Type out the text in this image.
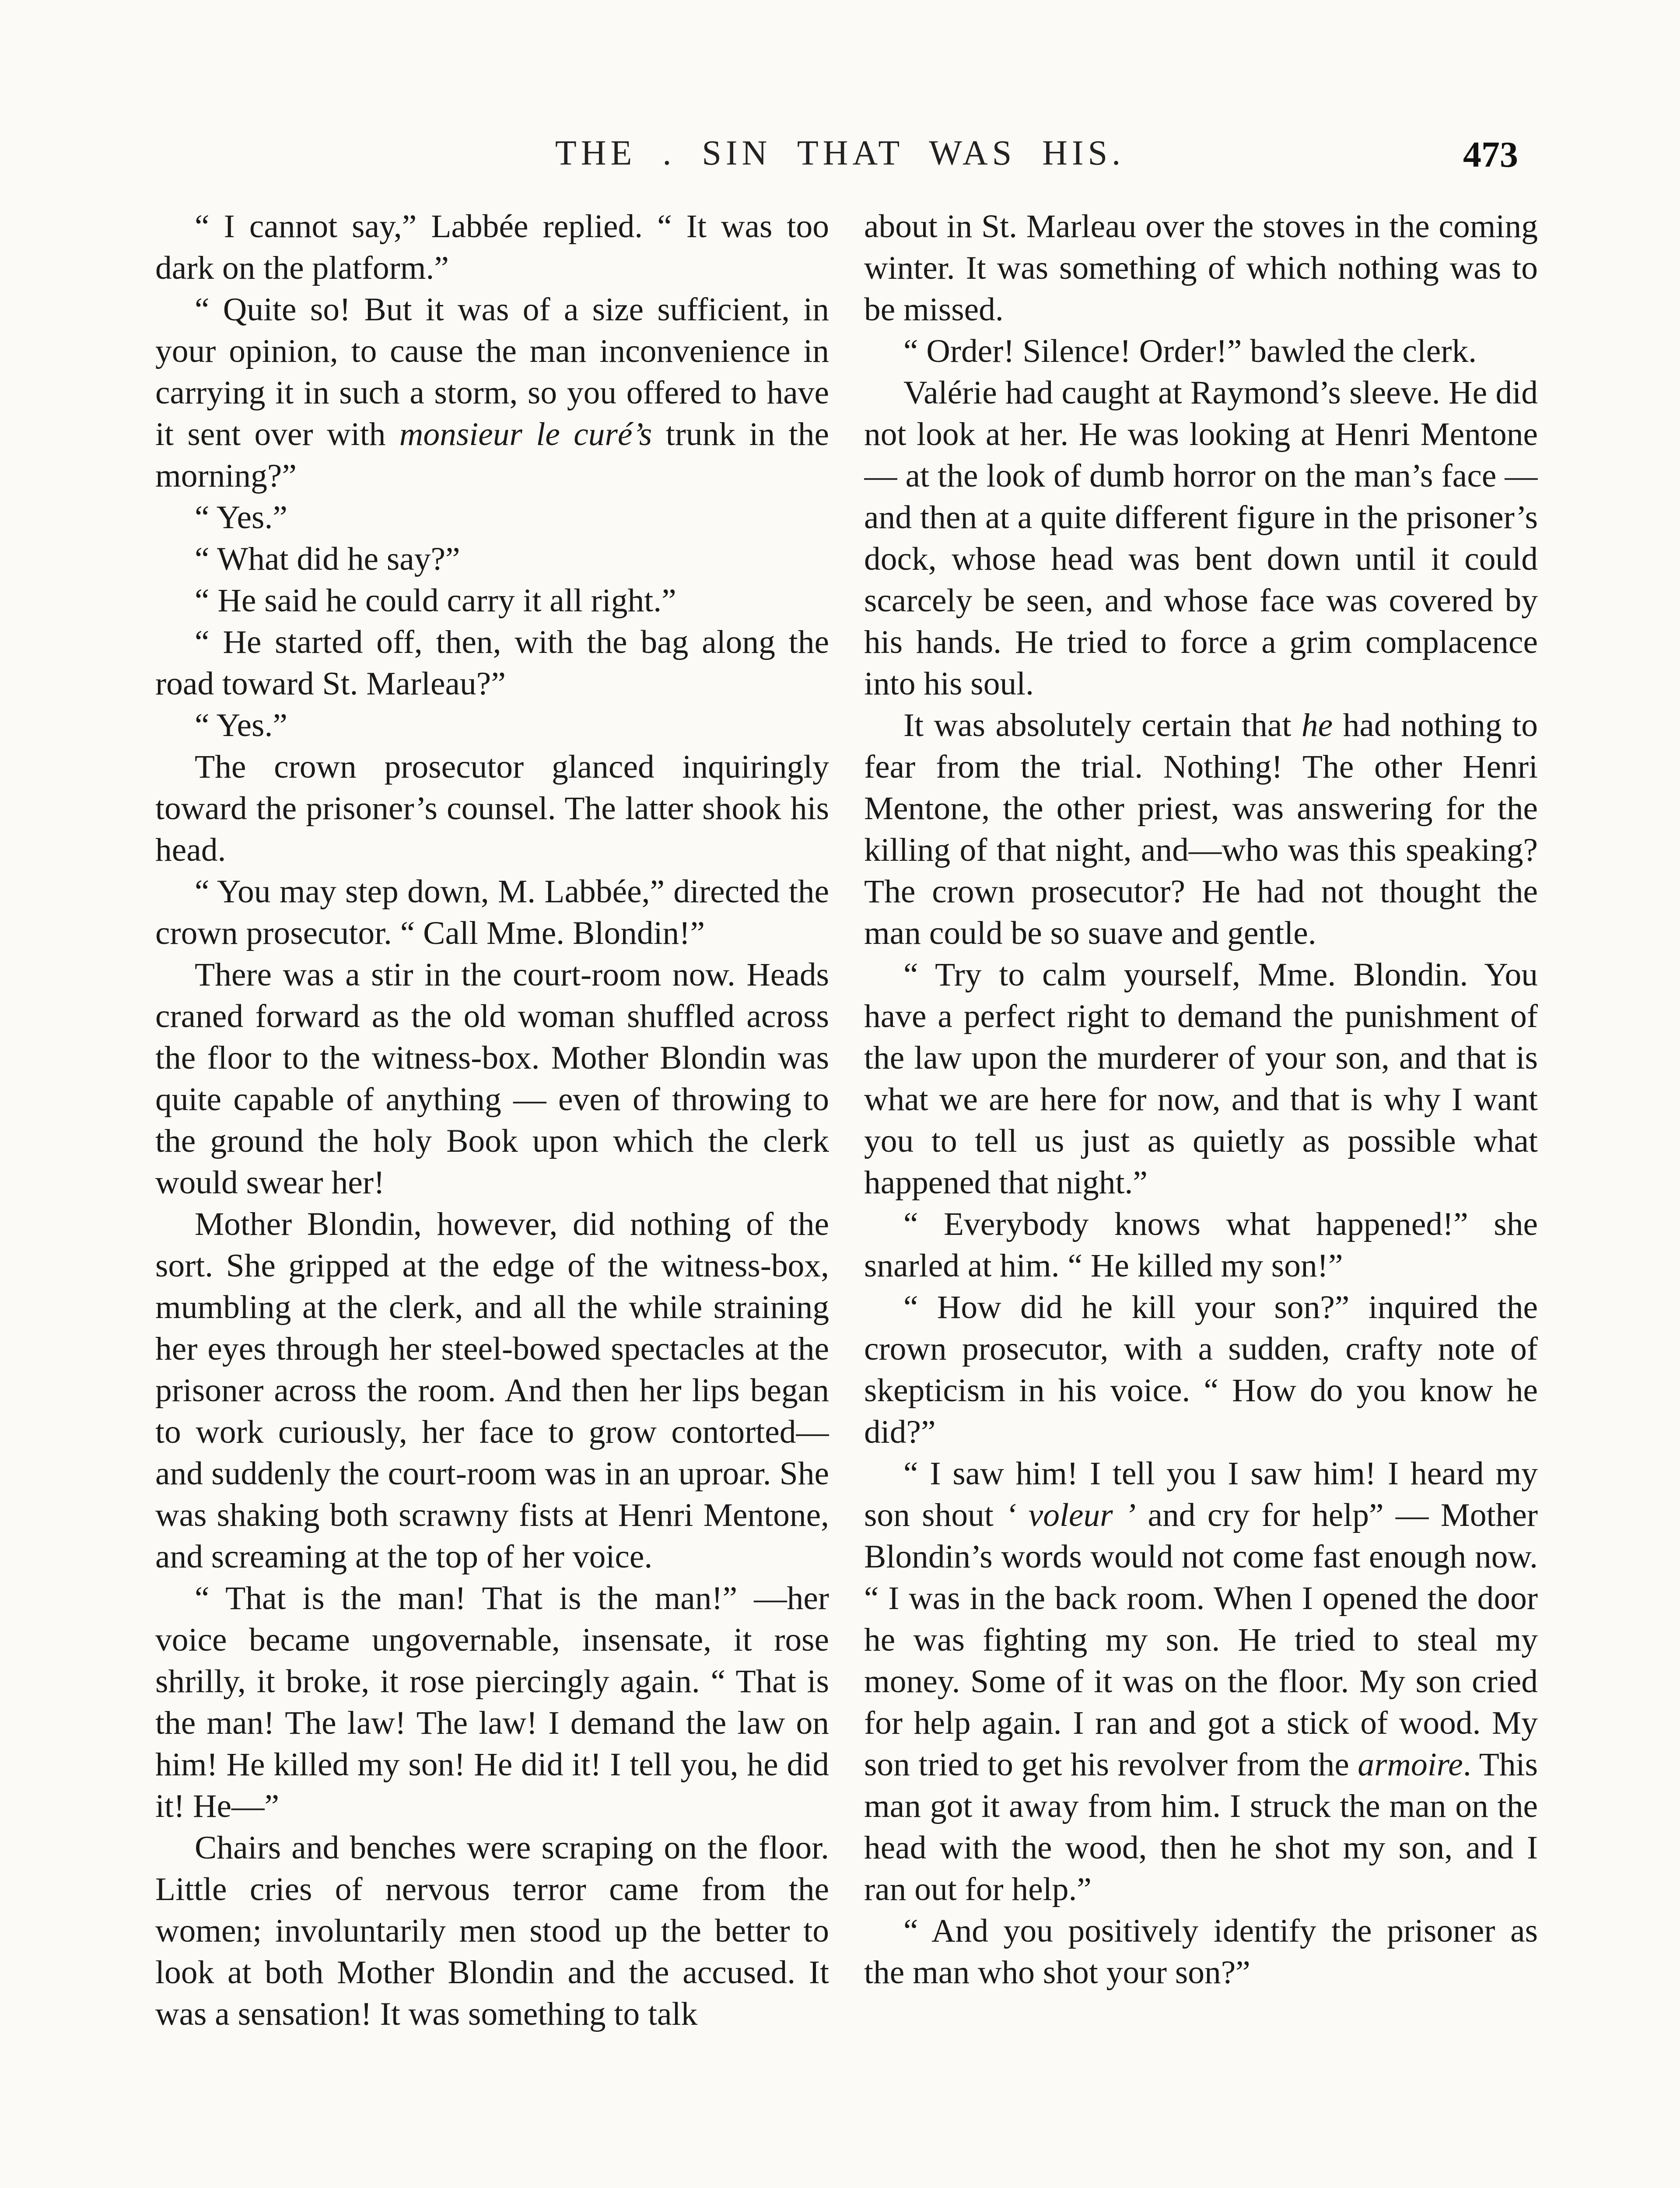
THE . SIN THAT WAS HIS.	473

“ I cannot say,” Labbée replied. “ It was too dark on the platform.”

“ Quite so! But it was of a size sufficient, in your opinion, to cause the man inconvenience in carrying it in such a storm, so you offered to have it sent over with monsieur le curé’s trunk in the morning?”

“ Yes.”

“ What did he say?”

“ He said he could carry it all right.”

“ He started off, then, with the bag along the road toward St. Marleau?”

“ Yes.”

The crown prosecutor glanced inquiringly toward the prisoner’s counsel. The latter shook his head.

“ You may step down, M. Labbée,” directed the crown prosecutor. “ Call Mme. Blondin!”

There was a stir in the court-room now. Heads craned forward as the old woman shuffled across the floor to the witness-box. Mother Blondin was quite capable of anything — even of throwing to the ground the holy Book upon which the clerk would swear her!

Mother Blondin, however, did nothing of the sort. She gripped at the edge of the witness-box, mumbling at the clerk, and all the while straining her eyes through her steel-bowed spectacles at the prisoner across the room. And then her lips began to work curiously, her face to grow contorted—and suddenly the court-room was in an uproar. She was shaking both scrawny fists at Henri Mentone, and screaming at the top of her voice.

“ That is the man! That is the man!” —her voice became ungovernable, insensate, it rose shrilly, it broke, it rose piercingly again. “ That is the man! The law! The law! I demand the law on him! He killed my son! He did it! I tell you, he did it! He—”

Chairs and benches were scraping on the floor. Little cries of nervous terror came from the women; involuntarily men stood up the better to look at both Mother Blondin and the accused. It was a sensation! It was something to talk

about in St. Marleau over the stoves in the coming winter. It was something of which nothing was to be missed.

“ Order! Silence! Order!” bawled the clerk.

Valérie had caught at Raymond’s sleeve. He did not look at her. He was looking at Henri Mentone — at the look of dumb horror on the man’s face — and then at a quite different figure in the prisoner’s dock, whose head was bent down until it could scarcely be seen, and whose face was covered by his hands. He tried to force a grim complacence into his soul.

It was absolutely certain that he had nothing to fear from the trial. Nothing! The other Henri Mentone, the other priest, was answering for the killing of that night, and—who was this speaking? The crown prosecutor? He had not thought the man could be so suave and gentle.

“ Try to calm yourself, Mme. Blondin. You have a perfect right to demand the punishment of the law upon the murderer of your son, and that is what we are here for now, and that is why I want you to tell us just as quietly as possible what happened that night.”

“ Everybody knows what happened!” she snarled at him. “ He killed my son!”

“ How did he kill your son?” inquired the crown prosecutor, with a sudden, crafty note of skepticism in his voice. “ How do you know he did?”

“ I saw him! I tell you I saw him! I heard my son shout ‘ voleur ’ and cry for help” — Mother Blondin’s words would not come fast enough now. “ I was in the back room. When I opened the door he was fighting my son. He tried to steal my money. Some of it was on the floor. My son cried for help again. I ran and got a stick of wood. My son tried to get his revolver from the armoire. This man got it away from him. I struck the man on the head with the wood, then he shot my son, and I ran out for help.”

“ And you positively identify the prisoner as the man who shot your son?”
